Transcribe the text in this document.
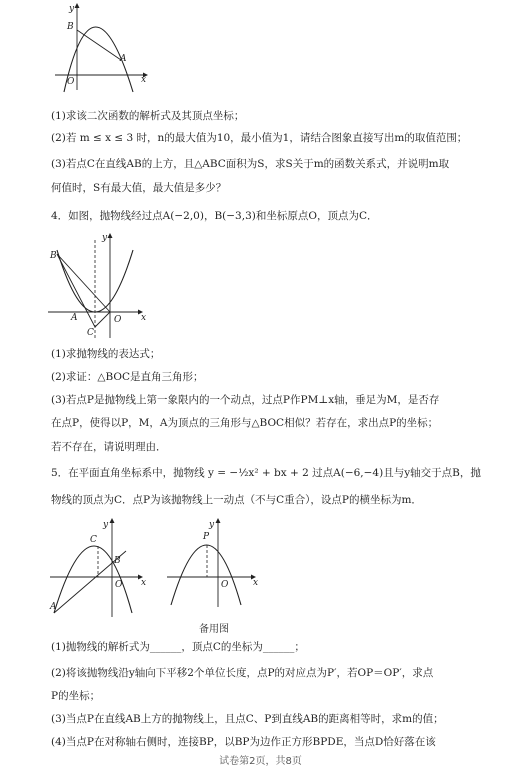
y
B
A
O	x
(1)求该二次函数的解析式及其顶点坐标；
(2)若 m ≤ x ≤ 3 时，n的最大值为10，最小值为1，请结合图象直接写出m的取值范围；
(3)若点C在直线AB的上方，且△ABC面积为S，求S关于m的函数关系式，并说明m取
何值时，S有最大值，最大值是多少？
4．如图，抛物线经过点A(−2,0)，B(−3,3)和坐标原点O，顶点为C．
y
B
A
C
O x
(1)求抛物线的表达式；
(2)求证：△BOC是直角三角形；
(3)若点P是抛物线上第一象限内的一个动点，过点P作PM⊥x轴，垂足为M，是否存
在点P，使得以P，M，A为顶点的三角形与△BOC相似？若存在，求出点P的坐标；
若不存在，请说明理由．
5．在平面直角坐标系中，抛物线 y = −½x² + bx + 2 过点A(−6,−4)且与y轴交于点B，抛
物线的顶点为C．点P为该抛物线上一动点（不与C重合），设点P的横坐标为m．
y
C
B
A
O x
y
P
O	x
备用图
(1)抛物线的解析式为______，顶点C的坐标为______；
(2)将该抛物线沿y轴向下平移2个单位长度，点P的对应点为P′，若OP＝OP′，求点
P的坐标；
(3)当点P在直线AB上方的抛物线上，且点C、P到直线AB的距离相等时，求m的值；
(4)当点P在对称轴右侧时，连接BP，以BP为边作正方形BPDE，当点D恰好落在该
试卷第2页，共8页
